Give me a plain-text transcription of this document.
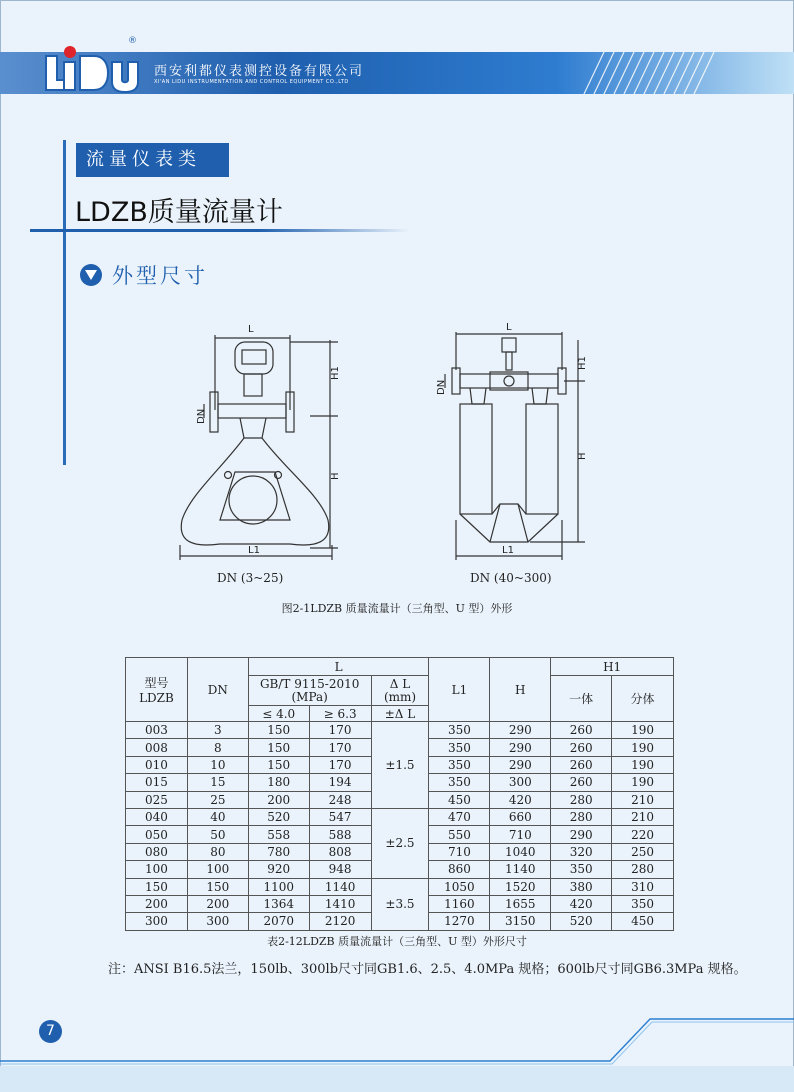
®
西安利都仪表测控设备有限公司
XI'AN LIDU INSTRUMENTATION AND CONTROL EQUIPMENT CO.,LTD
流量仪表类
LDZB质量流量计
外型尺寸
L
L1
H1
H
DN
L
L1
H1
H
DN
DN (3~25)	DN (40~300)
图2-1LDZB 质量流量计（三角型、U 型）外形
型号
LDZB	DN	L			L1	H	H1	
		GB/T 9115-2010
(MPa)		Δ L
(mm)			一体	分体
		≤ 4.0	≥ 6.3	±Δ L				
003	3	150	170	±1.5	350	290	260	190
008	8	150	170		350	290	260	190
010	10	150	170		350	290	260	190
015	15	180	194		350	300	260	190
025	25	200	248		450	420	280	210
040	40	520	547	±2.5	470	660	280	210
050	50	558	588		550	710	290	220
080	80	780	808		710	1040	320	250
100	100	920	948		860	1140	350	280
150	150	1100	1140	±3.5	1050	1520	380	310
200	200	1364	1410		1160	1655	420	350
300	300	2070	2120		1270	3150	520	450
表2-12LDZB 质量流量计（三角型、U 型）外形尺寸
注：ANSI B16.5法兰，150lb、300lb尺寸同GB1.6、2.5、4.0MPa 规格；600lb尺寸同GB6.3MPa 规格。
7
